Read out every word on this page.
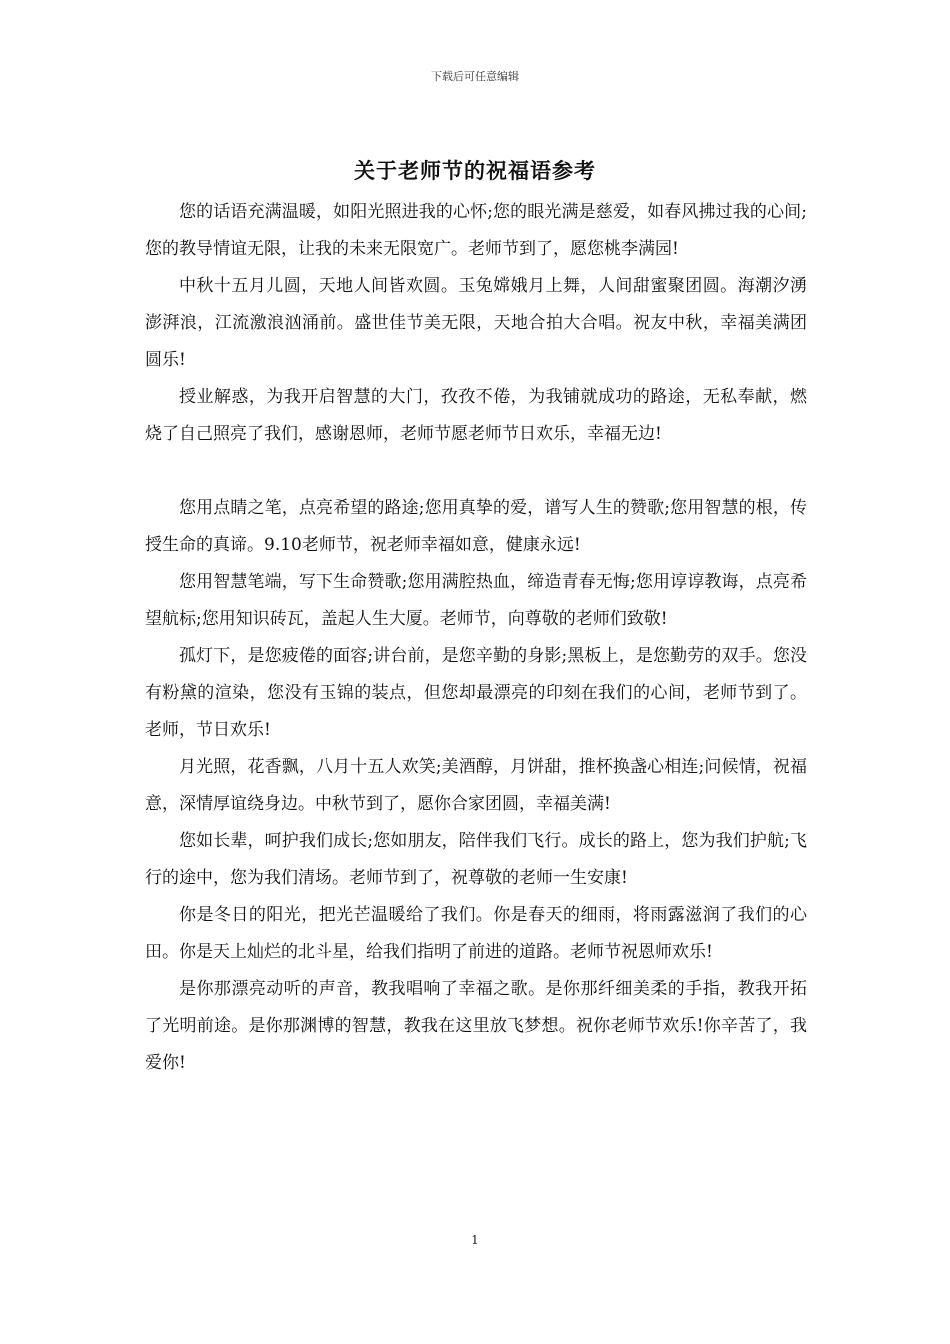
下载后可任意编辑
关于老师节的祝福语参考

您的话语充满温暖，如阳光照进我的心怀;您的眼光满是慈爱，如春风拂过我的心间;您的教导情谊无限，让我的未来无限宽广。老师节到了，愿您桃李满园!

中秋十五月儿圆，天地人间皆欢圆。玉兔嫦娥月上舞，人间甜蜜聚团圆。海潮汐湧澎湃浪，江流激浪汹涌前。盛世佳节美无限，天地合拍大合唱。祝友中秋，幸福美满团圆乐!

授业解惑，为我开启智慧的大门，孜孜不倦，为我铺就成功的路途，无私奉献，燃烧了自己照亮了我们，感谢恩师，老师节愿老师节日欢乐，幸福无边!

您用点睛之笔，点亮希望的路途;您用真挚的爱，谱写人生的赞歌;您用智慧的根，传授生命的真谛。9.10老师节，祝老师幸福如意，健康永远!

您用智慧笔端，写下生命赞歌;您用满腔热血，缔造青春无悔;您用谆谆教诲，点亮希望航标;您用知识砖瓦，盖起人生大厦。老师节，向尊敬的老师们致敬!

孤灯下，是您疲倦的面容;讲台前，是您辛勤的身影;黑板上，是您勤劳的双手。您没有粉黛的渲染，您没有玉锦的装点，但您却最漂亮的印刻在我们的心间，老师节到了。老师，节日欢乐!

月光照，花香飘，八月十五人欢笑;美酒醇，月饼甜，推杯换盏心相连;问候情，祝福意，深情厚谊绕身边。中秋节到了，愿你合家团圆，幸福美满!

您如长辈，呵护我们成长;您如朋友，陪伴我们飞行。成长的路上，您为我们护航;飞行的途中，您为我们清场。老师节到了，祝尊敬的老师一生安康!

你是冬日的阳光，把光芒温暖给了我们。你是春天的细雨，将雨露滋润了我们的心田。你是天上灿烂的北斗星，给我们指明了前进的道路。老师节祝恩师欢乐!

是你那漂亮动听的声音，教我唱响了幸福之歌。是你那纤细美柔的手指，教我开拓了光明前途。是你那渊博的智慧，教我在这里放飞梦想。祝你老师节欢乐!你辛苦了，我爱你!

1
